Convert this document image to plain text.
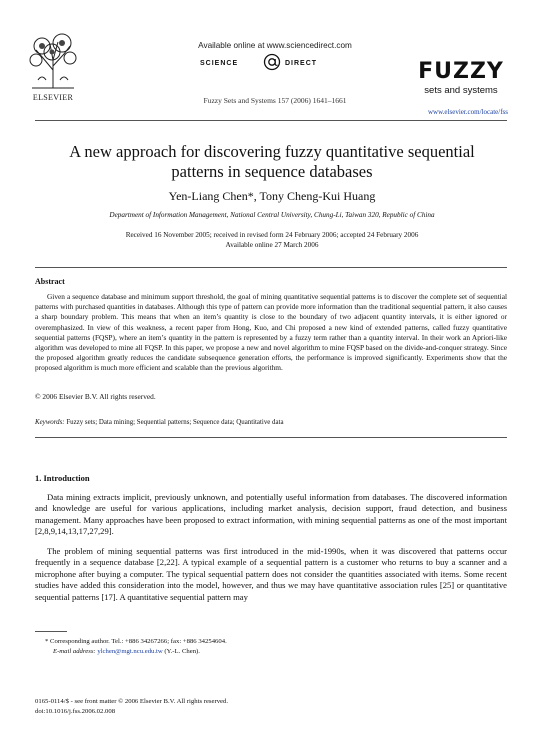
ELSEVIER
Available online at www.sciencedirect.com
SCIENCE	DIRECT
Fuzzy Sets and Systems 157 (2006) 1641–1661
FUZZY
sets and systems
www.elsevier.com/locate/fss
A new approach for discovering fuzzy quantitative sequential
patterns in sequence databases
Yen-Liang Chen*, Tony Cheng-Kui Huang
Department of Information Management, National Central University, Chung-Li, Taiwan 320, Republic of China
Received 16 November 2005; received in revised form 24 February 2006; accepted 24 February 2006
Available online 27 March 2006
Abstract
Given a sequence database and minimum support threshold, the goal of mining quantitative sequential patterns is to discover the complete set of sequential patterns with purchased quantities in databases. Although this type of pattern can provide more information than the traditional sequential pattern, it also causes a sharp boundary problem. This means that when an item’s quantity is close to the boundary of two adjacent quantity intervals, it is either ignored or overemphasized. In view of this weakness, a recent paper from Hong, Kuo, and Chi proposed a new kind of extended patterns, called fuzzy quantitative sequential patterns (FQSP), where an item’s quantity in the pattern is represented by a fuzzy term rather than a quantity interval. In their work an Apriori-like algorithm was developed to mine all FQSP. In this paper, we propose a new and novel algorithm to mine FQSP based on the divide-and-conquer strategy. Since the proposed algorithm greatly reduces the candidate subsequence generation efforts, the performance is improved significantly. Experiments show that the proposed algorithm is much more efficient and scalable than the previous algorithm.
© 2006 Elsevier B.V. All rights reserved.
Keywords: Fuzzy sets; Data mining; Sequential patterns; Sequence data; Quantitative data
1. Introduction
Data mining extracts implicit, previously unknown, and potentially useful information from databases. The discovered information and knowledge are useful for various applications, including market analysis, decision support, fraud detection, and business management. Many approaches have been proposed to extract information, with mining sequential patterns as one of the most important [2,8,9,14,13,17,27,29].
The problem of mining sequential patterns was first introduced in the mid-1990s, when it was discovered that patterns occur frequently in a sequence database [2,22]. A typical example of a sequential pattern is a customer who returns to buy a scanner and a microphone after buying a computer. The typical sequential pattern does not consider the quantities associated with items. Some recent studies have added this consideration into the model, however, and thus we may have quantitative association rules [25] or quantitative sequential patterns [17]. A quantitative sequential pattern may
* Corresponding author. Tel.: +886 34267266; fax: +886 34254604.
E-mail address: ylchen@mgt.ncu.edu.tw (Y.-L. Chen).
0165-0114/$ - see front matter © 2006 Elsevier B.V. All rights reserved.
doi:10.1016/j.fss.2006.02.008
